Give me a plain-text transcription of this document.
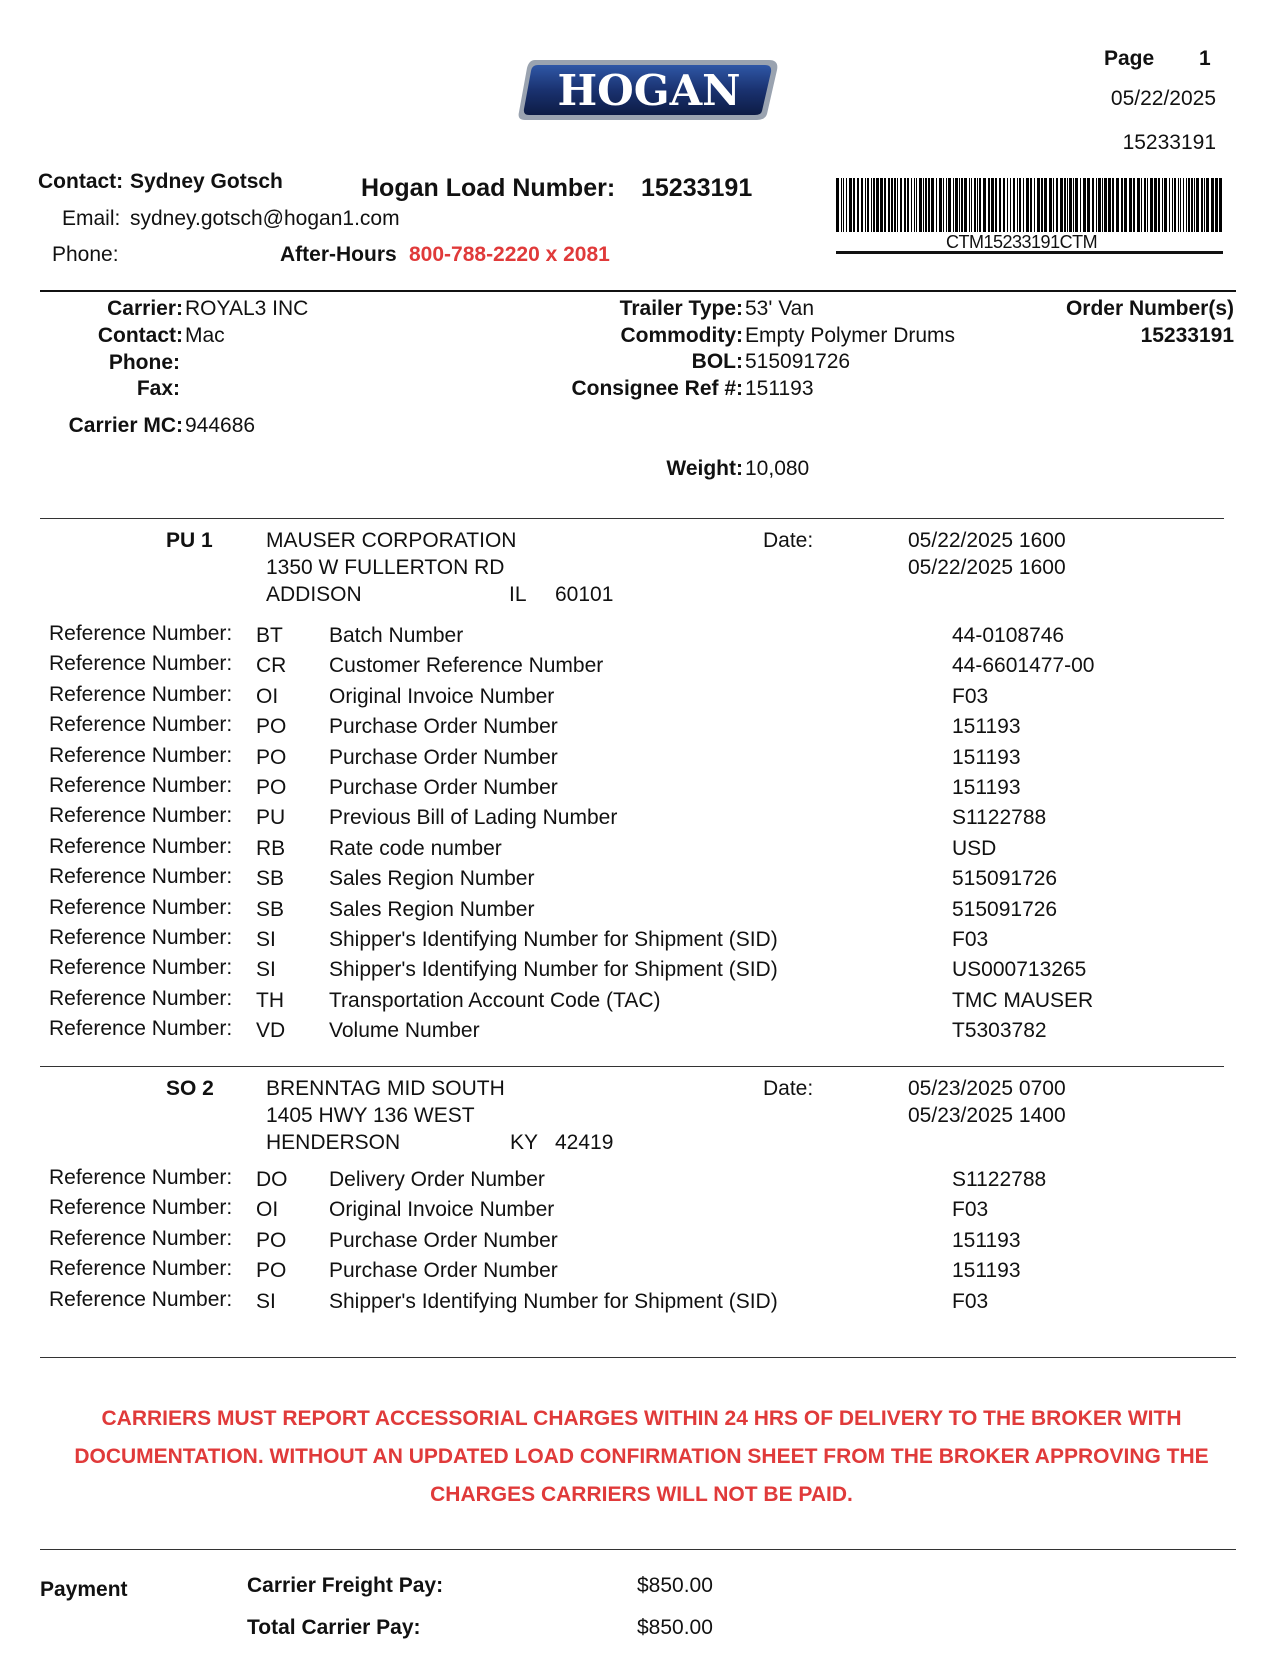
HOGAN
Page 1
05/22/2025
15233191
CTM15233191CTM
Contact: Sydney Gotsch	Hogan Load Number: 15233191
Email: sydney.gotsch@hogan1.com
Phone:	After-Hours 800-788-2220 x 2081
Carrier: ROYAL3 INC
Contact: Mac
Phone:
Fax:
Carrier MC: 944686
Trailer Type: 53' Van
Commodity: Empty Polymer Drums
BOL: 515091726
Consignee Ref #: 151193
Weight: 10,080
Order Number(s)
15233191
PU 1	MAUSER CORPORATION
1350 W FULLERTON RD
ADDISON	IL 60101
Date:	05/22/2025 1600
05/22/2025 1600
Reference Number: BT Batch Number	44-0108746
Reference Number: CR Customer Reference Number	44-6601477-00
Reference Number: OI Original Invoice Number	F03
Reference Number: PO Purchase Order Number	151193
Reference Number: PO Purchase Order Number	151193
Reference Number: PO Purchase Order Number	151193
Reference Number: PU Previous Bill of Lading Number	S1122788
Reference Number: RB Rate code number	USD
Reference Number: SB Sales Region Number	515091726
Reference Number: SB Sales Region Number	515091726
Reference Number: SI	Shipper's Identifying Number for Shipment (SID)	F03
Reference Number: SI	Shipper's Identifying Number for Shipment (SID)	US000713265
Reference Number: TH Transportation Account Code (TAC)	TMC MAUSER
Reference Number: VD Volume Number	T5303782
SO 2 BRENNTAG MID SOUTH
1405 HWY 136 WEST
HENDERSON	KY 42419
Date:	05/23/2025 0700
05/23/2025 1400
Reference Number: DO Delivery Order Number	S1122788
Reference Number: OI Original Invoice Number	F03
Reference Number: PO Purchase Order Number	151193
Reference Number: PO Purchase Order Number	151193
Reference Number: SI	Shipper's Identifying Number for Shipment (SID)	F03
CARRIERS MUST REPORT ACCESSORIAL CHARGES WITHIN 24 HRS OF DELIVERY TO THE BROKER WITH
DOCUMENTATION. WITHOUT AN UPDATED LOAD CONFIRMATION SHEET FROM THE BROKER APPROVING THE
CHARGES CARRIERS WILL NOT BE PAID.
Payment	Carrier Freight Pay:	$850.00
Total Carrier Pay:	$850.00
